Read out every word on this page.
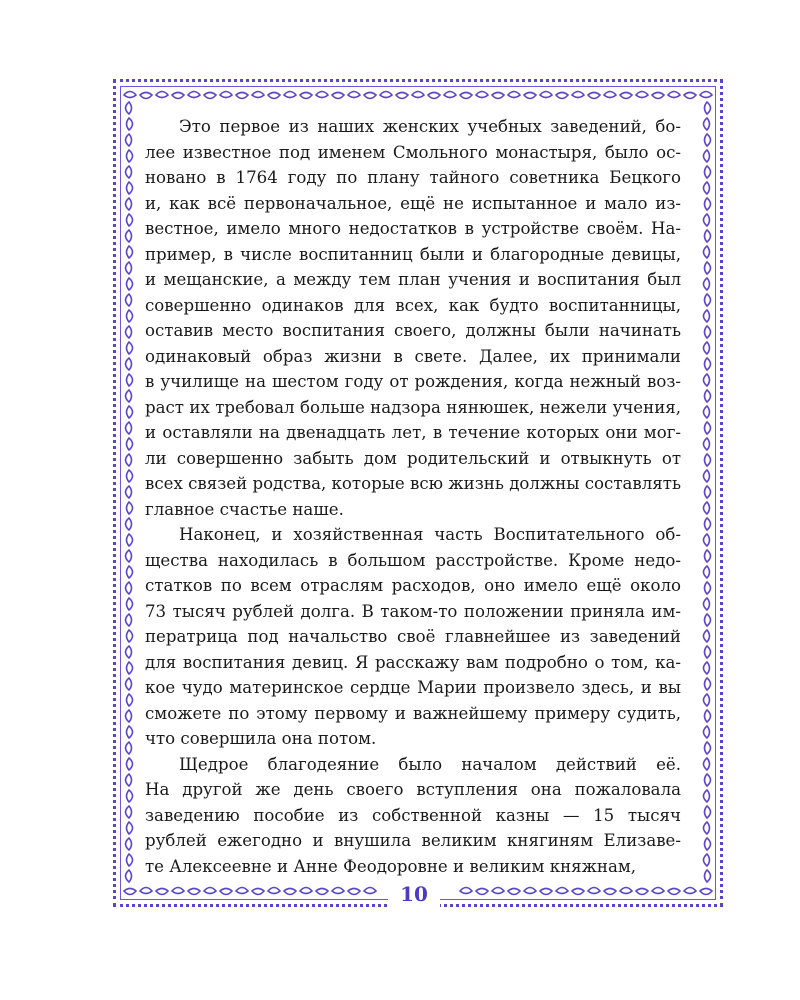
Это первое из наших женских учебных заведений, бо-
лее известное под именем Смольного монастыря, было ос-
новано в 1764 году по плану тайного советника Бецкого
и, как всё первоначальное, ещё не испытанное и мало из-
вестное, имело много недостатков в устройстве своём. На-
пример, в числе воспитанниц были и благородные девицы,
и мещанские, а между тем план учения и воспитания был
совершенно одинаков для всех, как будто воспитанницы,
оставив место воспитания своего, должны были начинать
одинаковый образ жизни в свете. Далее, их принимали
в училище на шестом году от рождения, когда нежный воз-
раст их требовал больше надзора нянюшек, нежели учения,
и оставляли на двенадцать лет, в течение которых они мог-
ли совершенно забыть дом родительский и отвыкнуть от
всех связей родства, которые всю жизнь должны составлять
главное счастье наше.

Наконец, и хозяйственная часть Воспитательного об-
щества находилась в большом расстройстве. Кроме недо-
статков по всем отраслям расходов, оно имело ещё около
73 тысяч рублей долга. В таком-то положении приняла им-
ператрица под начальство своё главнейшее из заведений
для воспитания девиц. Я расскажу вам подробно о том, ка-
кое чудо материнское сердце Марии произвело здесь, и вы
сможете по этому первому и важнейшему примеру судить,
что совершила она потом.

Щедрое благодеяние было началом действий её.
На другой же день своего вступления она пожаловала
заведению пособие из собственной казны — 15 тысяч
рублей ежегодно и внушила великим княгиням Елизаве-
те Алексеевне и Анне Феодоровне и великим княжнам,

10
